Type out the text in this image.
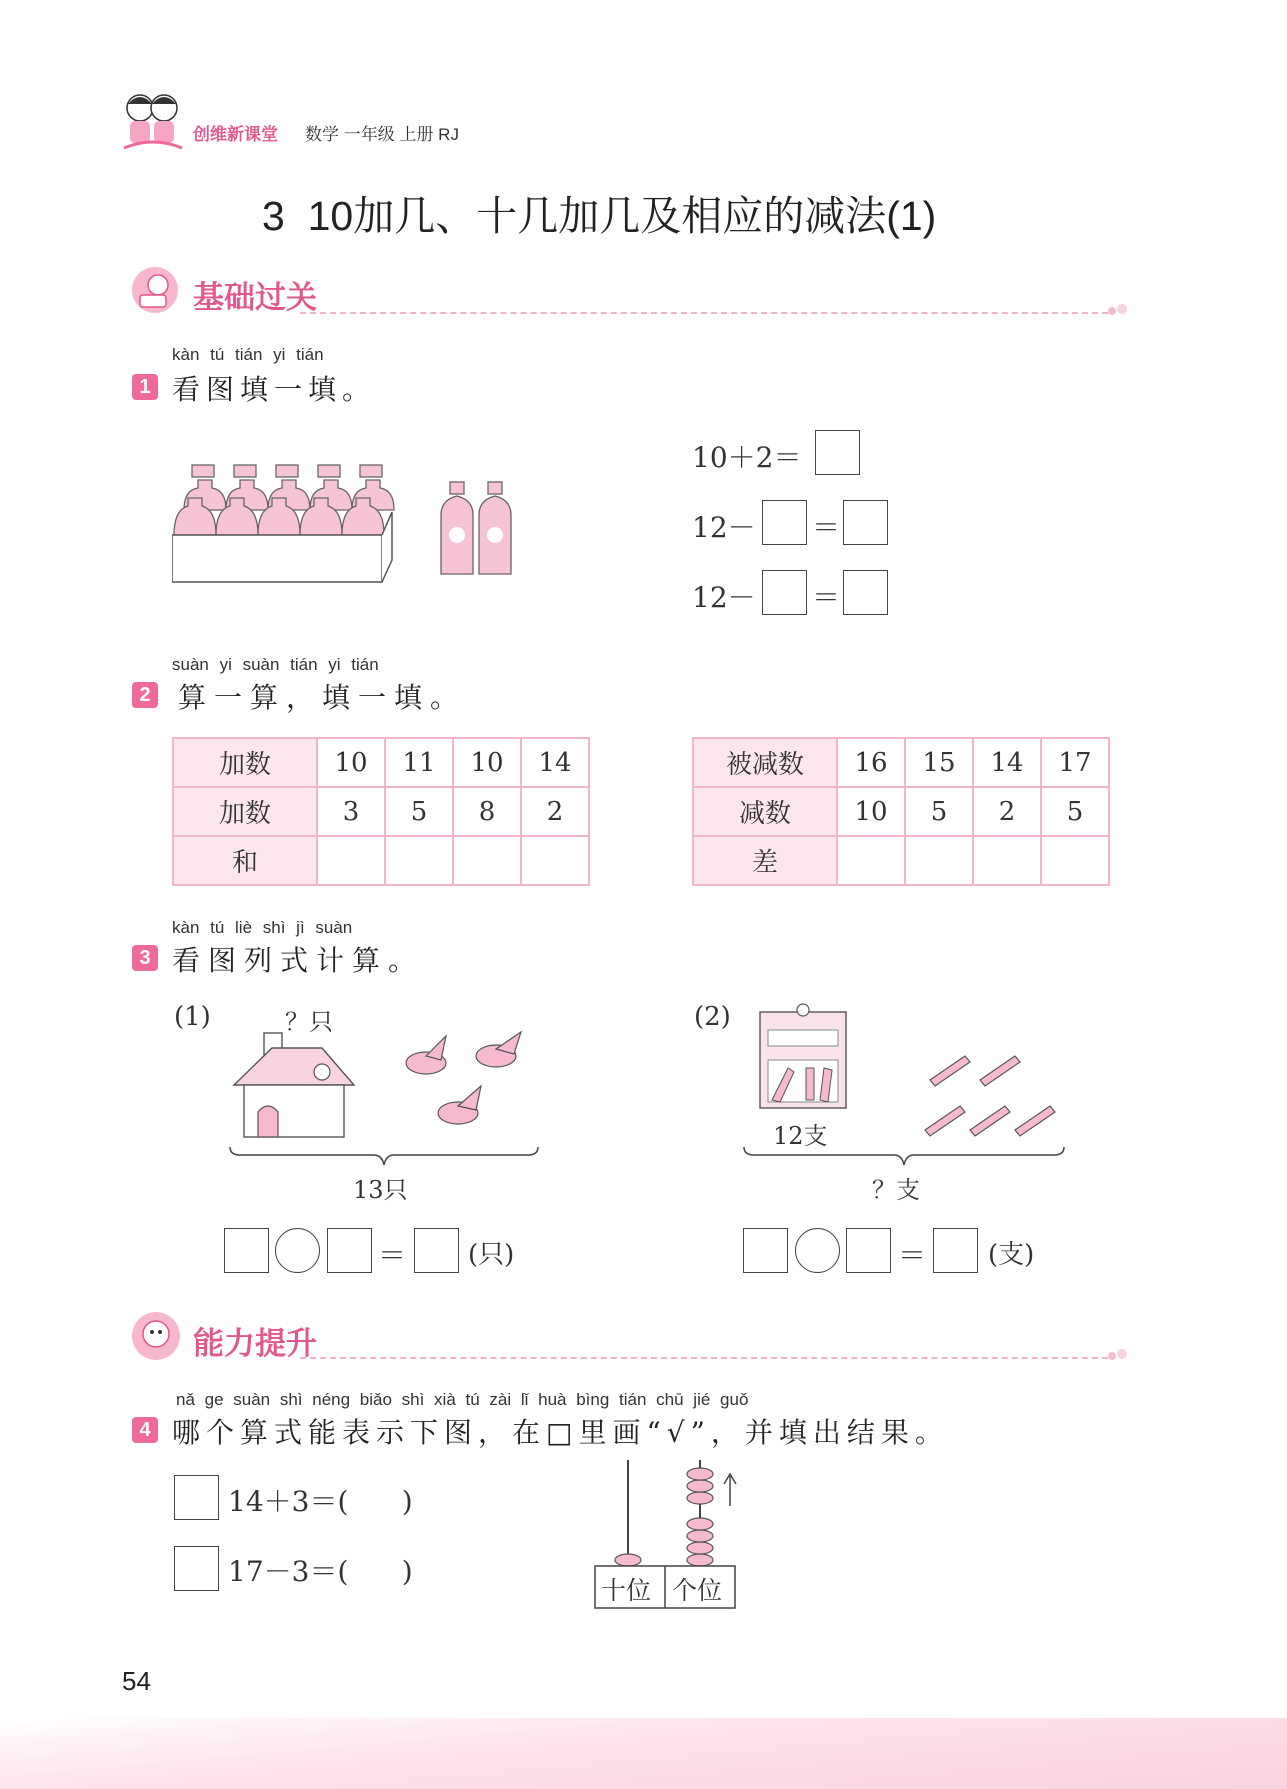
创维新课堂 数学 一年级 上册 RJ
3  10加几、十几加几及相应的减法(1)
基础过关
kàn tú tián yi tián
1 看图填一填。
10＋2＝
12－ ＝
12－ ＝
suàn yi suàn tián yi tián
2 算一算，填一填。
加数	10	11	10	14
加数	3	5	8	2
和				
被减数	16	15	14	17
减数	10	5	2	5
差				
kàn tú liè shì jì suàn
3 看图列式计算。
(1)	？只
13只
＝ (只)
(2)
12支
？支
＝ (支)
能力提升
nǎ ge suàn shì néng biǎo shì xià tú zài lǐ huà bìng tián chū jié guǒ
4 哪个算式能表示下图，在□里画“√”，并填出结果。
14＋3＝(      )
17－3＝(      )
十位 个位
54
